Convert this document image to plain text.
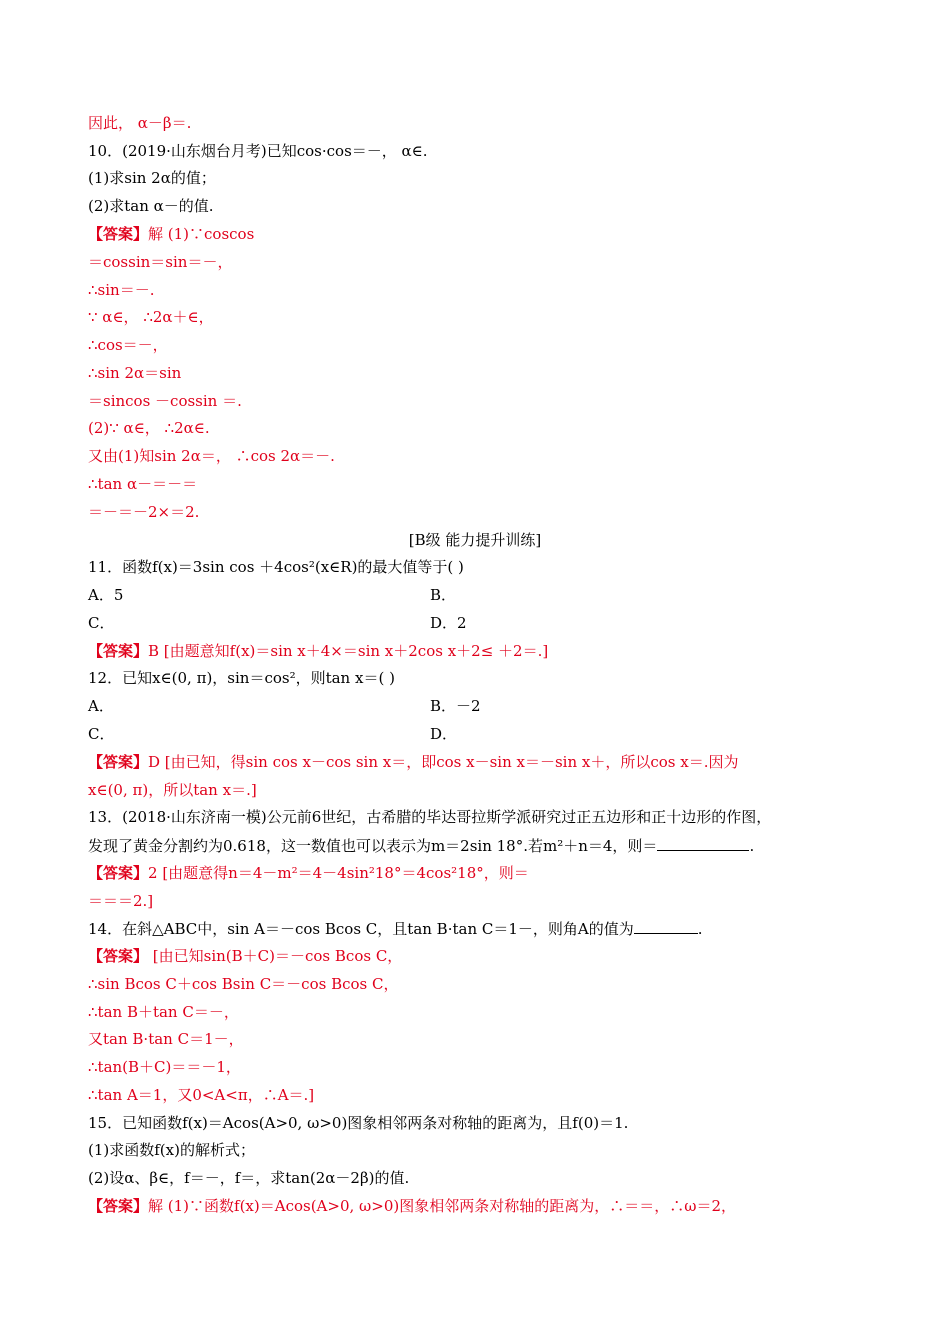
因此， α－β＝.
10．(2019·山东烟台月考)已知cos·cos＝－， α∈.
(1)求sin 2α的值；
(2)求tan α－的值.
【答案】解 (1)∵coscos
＝cossin＝sin＝－，
∴sin＝－.
∵ α∈， ∴2α＋∈，
∴cos＝－，
∴sin 2α＝sin
＝sincos －cossin ＝.
(2)∵ α∈， ∴2α∈.
又由(1)知sin 2α＝， ∴cos 2α＝－.
∴tan α－＝－＝
＝－＝－2×＝2.
[B级 能力提升训练]
11．函数f(x)＝3sin cos ＋4cos²(x∈R)的最大值等于( )
A．5	B．
C．	D．2
【答案】B [由题意知f(x)＝sin x＋4×＝sin x＋2cos x＋2≤ ＋2＝.]
12．已知x∈(0, π)，sin＝cos²，则tan x＝( )
A．	B．－2
C．	D．
【答案】D [由已知，得sin cos x－cos sin x＝，即cos x－sin x＝－sin x＋，所以cos x＝.因为
x∈(0, π)，所以tan x＝.]
13．(2018·山东济南一模)公元前6世纪，古希腊的毕达哥拉斯学派研究过正五边形和正十边形的作图，
发现了黄金分割约为0.618，这一数值也可以表示为m＝2sin 18°.若m²＋n＝4，则＝	.
【答案】2 [由题意得n＝4－m²＝4－4sin²18°＝4cos²18°，则＝
＝＝＝2.]
14．在斜△ABC中，sin A＝－cos Bcos C，且tan B·tan C＝1－，则角A的值为	.
【答案】 [由已知sin(B＋C)＝－cos Bcos C，
∴sin Bcos C＋cos Bsin C＝－cos Bcos C，
∴tan B＋tan C＝－，
又tan B·tan C＝1－，
∴tan(B＋C)＝＝－1，
∴tan A＝1，又0<A<π，∴A＝.]
15．已知函数f(x)＝Acos(A>0, ω>0)图象相邻两条对称轴的距离为，且f(0)＝1.
(1)求函数f(x)的解析式；
(2)设α、β∈，f＝－，f＝，求tan(2α－2β)的值.
【答案】解 (1)∵函数f(x)＝Acos(A>0, ω>0)图象相邻两条对称轴的距离为，∴＝＝，∴ω＝2，
